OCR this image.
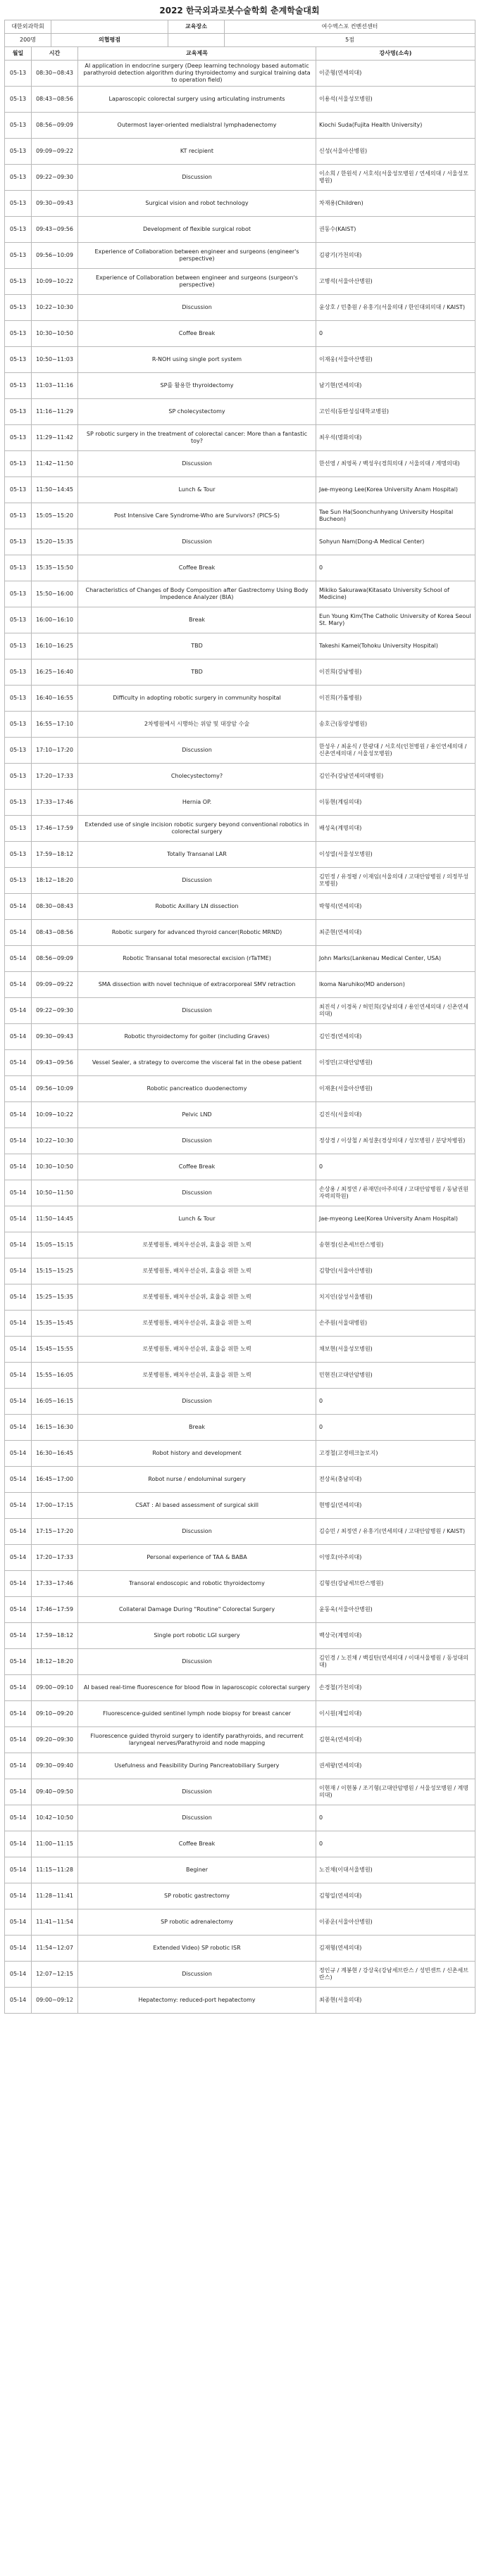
2022 한국외과로봇수술학회 춘계학술대회
대한외과학회		교육장소	여수엑스포 컨벤션센터
200명	의협평점		5점
월일	시간	교육제목	강사명(소속)
05-13	08:30~08:43	AI application in endocrine surgery (Deep learning technology based automatic parathyroid detection algorithm during thyroidectomy and surgical training data to operation field)	이준형(연세의대)
05-13	08:43~08:56	Laparoscopic colorectal surgery using articulating instruments	이용석(서울성모병원)
05-13	08:56~09:09	Outermost layer-oriented medialstral lymphadenectomy	Kiochi Suda(Fujita Health University)
05-13	09:09~09:22	KT recipient	신성(서울아산병원)
05-13	09:22~09:30	Discussion	이소희 / 한원석 / 서호석(서울성모병원 / 연세의대 / 서울성모병원)
05-13	09:30~09:43	Surgical vision and robot technology	차재용(Children)
05-13	09:43~09:56	Development of flexible surgical robot	권동수(KAIST)
05-13	09:56~10:09	Experience of Collaboration between engineer and surgeons (engineer's perspective)	김광기(가천의대)
05-13	10:09~10:22	Experience of Collaboration between engineer and surgeons (surgeon's perspective)	고병석(서울아산병원)
05-13	10:22~10:30	Discussion	윤상호 / 민충원 / 유홍기(서울의대 / 한인대외의대 / KAIST)
05-13	10:30~10:50	Coffee Break	0
05-13	10:50~11:03	R-NOH using single port system	이재웅(서울아산병원)
05-13	11:03~11:16	SP를 활용한 thyroidectomy	남기현(연세의대)
05-13	11:16~11:29	SP cholecystectomy	고인석(동탄성심대학교병원)
05-13	11:29~11:42	SP robotic surgery in the treatment of colorectal cancer: More than a fantastic toy?	최우석(명화의대)
05-13	11:42~11:50	Discussion	한선영 / 최영록 / 백성우(경희의대 / 서울의대 / 계명의대)
05-13	11:50~14:45	Lunch & Tour	Jae-myeong Lee(Korea University Anam Hospital)
05-13	15:05~15:20	Post Intensive Care Syndrome-Who are Survivors? (PICS-S)	Tae Sun Ha(Soonchunhyang University Hospital Bucheon)
05-13	15:20~15:35	Discussion	Sohyun Nam(Dong-A Medical Center)
05-13	15:35~15:50	Coffee Break	0
05-13	15:50~16:00	Characteristics of Changes of Body Composition after Gastrectomy Using Body Impedence Analyzer (BIA)	Mikiko Sakurawa(Kitasato University School of Medicine)
05-13	16:00~16:10	Break	Eun Young Kim(The Catholic University of Korea Seoul St. Mary)
05-13	16:10~16:25	TBD	Takeshi Kamei(Tohoku University Hospital)
05-13	16:25~16:40	TBD	이진희(강남병원)
05-13	16:40~16:55	Difficulty in adopting robotic surgery in community hospital	이진희(가톨병원)
05-13	16:55~17:10	2차병원에서 시행하는 위암 및 대장암 수술	송호근(동양성병원)
05-13	17:10~17:20	Discussion	한성우 / 최윤식 / 한광대 / 서호석(인천병원 / 용인연세의대 / 신촌연세의대 / 서울성모병원)
05-13	17:20~17:33	Cholecystectomy?	김인주(강남연세의대병원)
05-13	17:33~17:46	Hernia OP.	이동현(계림의대)
05-13	17:46~17:59	Extended use of single incision robotic surgery beyond conventional robotics in colorectal surgery	배성욱(계명의대)
05-13	17:59~18:12	Totally Transanal LAR	이성열(서울성모병원)
05-13	18:12~18:20	Discussion	김민정 / 유정평 / 이재임(서울의대 / 고대안암병원 / 의정부성모병원)
05-14	08:30~08:43	Robotic Axillary LN dissection	박형석(연세의대)
05-14	08:43~08:56	Robotic surgery for advanced thyroid cancer(Robotic MRND)	최준현(연세의대)
05-14	08:56~09:09	Robotic Transanal total mesorectal excision (rTaTME)	John Marks(Lankenau Medical Center, USA)
05-14	09:09~09:22	SMA dissection with novel technique of extracorporeal SMV retraction	Ikoma Naruhiko(MD anderson)
05-14	09:22~09:30	Discussion	최진석 / 이경록 / 허민희(강남의대 / 용인연세의대 / 신촌연세의대)
05-14	09:30~09:43	Robotic thyroidectomy for goiter (including Graves)	김인경(연세의대)
05-14	09:43~09:56	Vessel Sealer, a strategy to overcome the visceral fat in the obese patient	이정민(고대안암병원)
05-14	09:56~10:09	Robotic pancreatico duodenectomy	이재훈(서울아산병원)
05-14	10:09~10:22	Pelvic LND	김진식(서울의대)
05-14	10:22~10:30	Discussion	정상경 / 이상철 / 최성훈(경상의대 / 성모병원 / 분당차병원)
05-14	10:30~10:50	Coffee Break	0
05-14	10:50~11:50	Discussion	손상용 / 최정연 / 류재민(아주의대 / 고대안암병원 / 동남권원자력의학원)
05-14	11:50~14:45	Lunch & Tour	Jae-myeong Lee(Korea University Anam Hospital)
05-14	15:05~15:15	로봇병원통, 배치우선순위, 효율을 위한 노력	송현정(신촌세브란스병원)
05-14	15:15~15:25	로봇병원통, 배치우선순위, 효율을 위한 노력	김향인(서울아산병원)
05-14	15:25~15:35	로봇병원통, 배치우선순위, 효율을 위한 노력	치지인(삼성서울병원)
05-14	15:35~15:45	로봇병원통, 배치우선순위, 효율을 위한 노력	손주원(서울대병원)
05-14	15:45~15:55	로봇병원통, 배치우선순위, 효율을 위한 노력	채보현(서울성모병원)
05-14	15:55~16:05	로봇병원통, 배치우선순위, 효율을 위한 노력	민현진(고대안암병원)
05-14	16:05~16:15	Discussion	0
05-14	16:15~16:30	Break	0
05-14	16:30~16:45	Robot history and development	고경철(고경테크놀로지)
05-14	16:45~17:00	Robot nurse / endoluminal surgery	전상록(충남의대)
05-14	17:00~17:15	CSAT : AI based assessment of surgical skill	현병실(연세의대)
05-14	17:15~17:20	Discussion	김승민 / 최정연 / 유홍기(연세의대 / 고대안암병원 / KAIST)
05-14	17:20~17:33	Personal experience of TAA & BABA	이영호(아주의대)
05-14	17:33~17:46	Transoral endoscopic and robotic thyroidectomy	김형선(강남세브란스병원)
05-14	17:46~17:59	Collateral Damage During "Routine" Colorectal Surgery	윤동욱(서울아산병원)
05-14	17:59~18:12	Single port robotic LGI surgery	백상국(계명의대)
05-14	18:12~18:20	Discussion	김인경 / 노진채 / 백길탄(연세의대 / 이대서울병원 / 동성대의대)
05-14	09:00~09:10	AI based real-time fluorescence for blood flow in laparoscopic colorectal surgery	손경철(가천의대)
05-14	09:10~09:20	Fluorescence-guided sentinel lymph node biopsy for breast cancer	이시원(제일의대)
05-14	09:20~09:30	Fluorescence guided thyroid surgery to identify parathyroids, and recurrent laryngeal nerves/Parathyroid and node mapping	김현욱(연세의대)
05-14	09:30~09:40	Usefulness and Feasibility During Pancreatobiliary Surgery	권세왕(연세의대)
05-14	09:40~09:50	Discussion	이현재 / 이현봉 / 조기형(고대안암병원 / 서울성모병원 / 계명의대)
05-14	10:42~10:50	Discussion	0
05-14	11:00~11:15	Coffee Break	0
05-14	11:15~11:28	Beginer	노진채(이대서울병원)
05-14	11:28~11:41	SP robotic gastrectomy	김형일(연세의대)
05-14	11:41~11:54	SP robotic adrenalectomy	이종운(서울아산병원)
05-14	11:54~12:07	Extended Video) SP robotic ISR	김재형(연세의대)
05-14	12:07~12:15	Discussion	정인규 / 계봉현 / 강상욱(강남세브란스 / 성빈센트 / 신촌세브란스)
05-14	09:00~09:12	Hepatectomy: reduced-port hepatectomy	최종현(서울의대)
